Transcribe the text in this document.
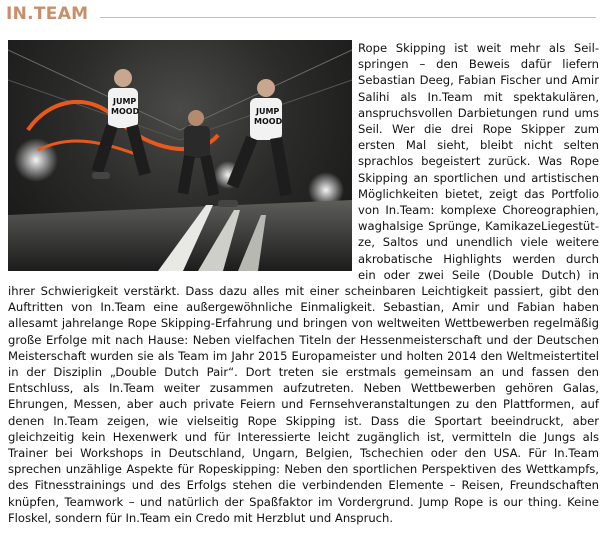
IN.TEAM
JUMP
MOOD	JUMP
MOOD
Rope Skipping ist weit mehr als Seilspringen – den Beweis dafür liefern Sebastian Deeg, Fabian Fischer und Amir Salihi als In.Team mit spektakulären, anspruchsvollen Darbietungen rund ums Seil. Wer die drei Rope Skipper zum ersten Mal sieht, bleibt nicht selten sprachlos begeistert zurück. Was Rope Skipping an sportlichen und artistischen Möglichkeiten bietet, zeigt das Portfolio von In.Team: komplexe Choreographien, waghalsige Sprünge, KamikazeLiegestütze, Saltos und unendlich viele weitere akrobatische Highlights werden durch ein oder zwei Seile (Double Dutch) in ihrer Schwierigkeit verstärkt. Dass dazu alles mit einer scheinbaren Leichtigkeit passiert, gibt den Auftritten von In.Team eine außergewöhnliche Einmaligkeit. Sebastian, Amir und Fabian haben allesamt jahrelange Rope Skipping-Erfahrung und bringen von weltweiten Wettbewerben regelmäßig große Erfolge mit nach Hause: Neben vielfachen Titeln der Hessenmeisterschaft und der Deutschen Meisterschaft wurden sie als Team im Jahr 2015 Europameister und holten 2014 den Weltmeistertitel in der Disziplin „Double Dutch Pair“. Dort treten sie erstmals gemeinsam an und fassen den Entschluss, als In.Team weiter zusammen aufzutreten. Neben Wettbewerben gehören Galas, Ehrungen, Messen, aber auch private Feiern und Fernsehveranstaltungen zu den Plattformen, auf denen In.Team zeigen, wie vielseitig Rope Skipping ist. Dass die Sportart beeindruckt, aber gleichzeitig kein Hexenwerk und für Interessierte leicht zugänglich ist, vermitteln die Jungs als Trainer bei Workshops in Deutschland, Ungarn, Belgien, Tschechien oder den USA. Für In.Team sprechen unzählige Aspekte für Ropeskipping: Neben den sportlichen Perspektiven des Wettkampfs, des Fitnesstrainings und des Erfolgs stehen die verbindenden Elemente – Reisen, Freundschaften knüpfen, Teamwork – und natürlich der Spaßfaktor im Vordergrund. Jump Rope is our thing. Keine Floskel, sondern für In.Team ein Credo mit Herzblut und Anspruch.
